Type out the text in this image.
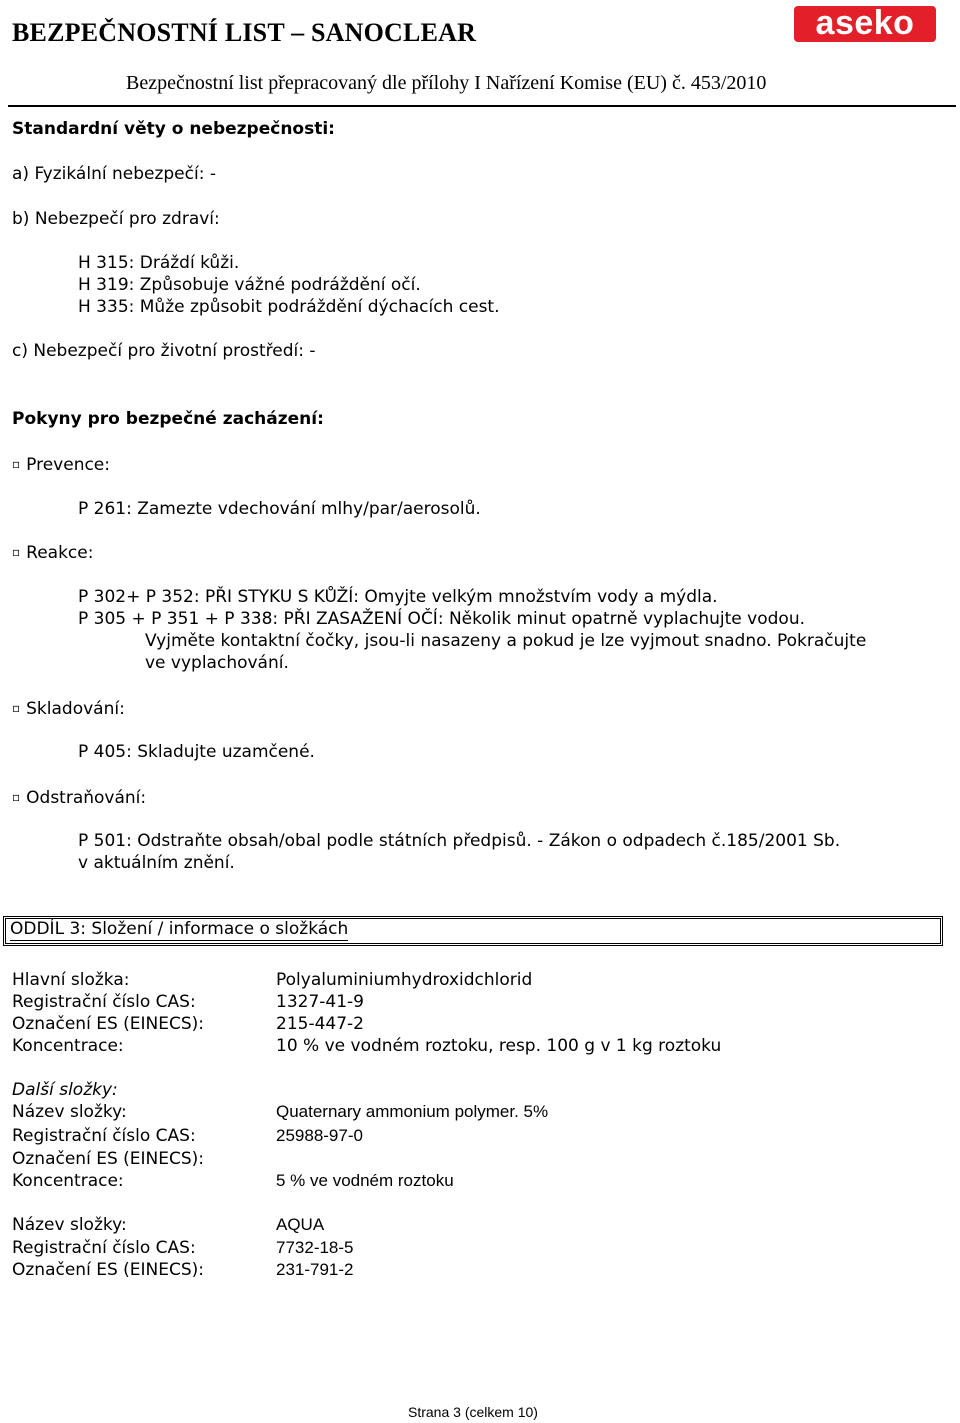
BEZPEČNOSTNÍ LIST – SANOCLEAR	aseko
Bezpečnostní list přepracovaný dle přílohy I Nařízení Komise (EU) č. 453/2010
Standardní věty o nebezpečnosti:
a) Fyzikální nebezpečí: -
b) Nebezpečí pro zdraví:
H 315: Dráždí kůži.
H 319: Způsobuje vážné podráždění očí.
H 335: Může způsobit podráždění dýchacích cest.
c) Nebezpečí pro životní prostředí: -
Pokyny pro bezpečné zacházení:
▫ Prevence:
P 261: Zamezte vdechování mlhy/par/aerosolů.
▫ Reakce:
P 302+ P 352: PŘI STYKU S KŮŽÍ: Omyjte velkým množstvím vody a mýdla.
P 305 + P 351 + P 338: PŘI ZASAŽENÍ OČÍ: Několik minut opatrně vyplachujte vodou.
Vyjměte kontaktní čočky, jsou-li nasazeny a pokud je lze vyjmout snadno. Pokračujte
ve vyplachování.
▫ Skladování:
P 405: Skladujte uzamčené.
▫ Odstraňování:
P 501: Odstraňte obsah/obal podle státních předpisů. - Zákon o odpadech č.185/2001 Sb.
v aktuálním znění.
ODDÍL 3: Složení / informace o složkách
Hlavní složka:	Polyaluminiumhydroxidchlorid
Registrační číslo CAS:	1327-41-9
Označení ES (EINECS):	215-447-2
Koncentrace:	10 % ve vodném roztoku, resp. 100 g v 1 kg roztoku
Další složky:
Název složky:	Quaternary ammonium polymer. 5%
Registrační číslo CAS:	25988-97-0
Označení ES (EINECS):
Koncentrace:	5 % ve vodném roztoku
Název složky:	AQUA
Registrační číslo CAS:	7732-18-5
Označení ES (EINECS):	231-791-2
Strana 3 (celkem 10)
